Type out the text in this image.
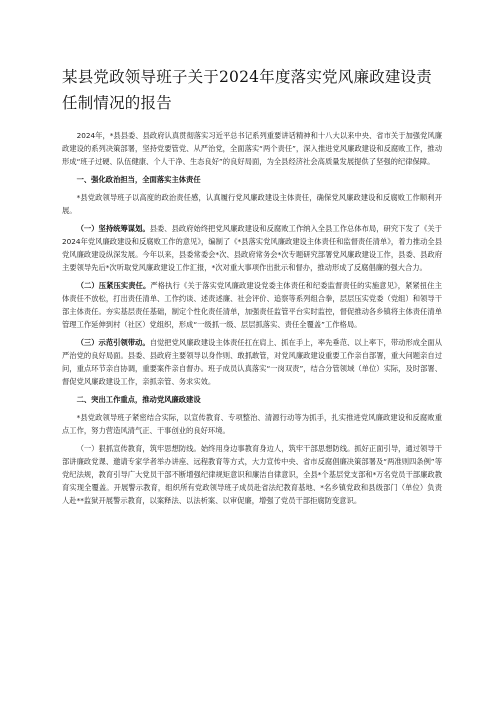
某县党政领导班子关于2024年度落实党风廉政建设责任制情况的报告

2024年，*县县委、县政府认真贯彻落实习近平总书记系列重要讲话精神和十八大以来中央、省市关于加强党风廉政建设的系列决策部署，坚持党要管党、从严治党，全面落实“两个责任”，深入推进党风廉政建设和反腐败工作，推动形成“班子过硬、队伍健康、个人干净、生态良好”的良好局面，为全县经济社会高质量发展提供了坚强的纪律保障。

一、强化政治担当，全面落实主体责任

*县党政领导班子以高度的政治责任感，认真履行党风廉政建设主体责任，确保党风廉政建设和反腐败工作顺利开展。

（一）坚持统筹谋划。县委、县政府始终把党风廉政建设和反腐败工作纳入全县工作总体布局，研究下发了《关于2024年党风廉政建设和反腐败工作的意见》，编制了《*县落实党风廉政建设主体责任和监督责任清单》，着力推动全县党风廉政建设纵深发展。今年以来，县委常委会*次、县政府常务会*次专题研究部署党风廉政建设工作，县委、县政府主要领导先后*次听取党风廉政建设工作汇报，*次对重大事项作出批示和督办，推动形成了反腐倡廉的强大合力。

（二）压紧压实责任。严格执行《关于落实党风廉政建设党委主体责任和纪委监督责任的实施意见》，紧紧扭住主体责任不放松，打出责任清单、工作约谈、述责述廉、社会评价、追察等系列组合拳，层层压实党委（党组）和领导干部主体责任。夯实基层责任基础，制定个性化责任清单，加强责任监管平台实时监控，督促推动各乡镇将主体责任清单管理工作延伸到村（社区）党组织，形成“一级抓一级、层层抓落实、责任全覆盖”工作格局。

（三）示范引领带动。自觉把党风廉政建设主体责任扛在肩上、抓在手上，率先垂范、以上率下，带动形成全面从严治党的良好局面。县委、县政府主要领导以身作则、敢抓敢管，对党风廉政建设重要工作亲自部署，重大问题亲自过问，重点环节亲自协调，重要案件亲自督办。班子成员认真落实“一岗双责”，结合分管领域（单位）实际，及时部署、督促党风廉政建设工作，亲抓亲管、务求实效。

二、突出工作重点，推动党风廉政建设

*县党政领导班子紧密结合实际，以宣传教育、专项整治、清源行动等为抓手，扎实推进党风廉政建设和反腐败重点工作，努力营造风清气正、干事创业的良好环境。

（一）狠抓宣传教育，筑牢思想防线。始终用身边事教育身边人，筑牢干部思想防线。抓好正面引导，通过领导干部讲廉政党课、邀请专家学者举办讲座、远程教育等方式，大力宣传中央、省市反腐倡廉决策部署及“两准则四条例”等党纪法规，教育引导广大党员干部不断增强纪律规矩意识和廉洁自律意识，全县*个基层党支部和*万名党员干部廉政教育实现全覆盖。开展警示教育，组织所有党政领导班子成员赴省法纪教育基地、*名乡镇党政和县级部门（单位）负责人赴**监狱开展警示教育，以案释法、以法析案、以审促廉，增强了党员干部拒腐防变意识。
